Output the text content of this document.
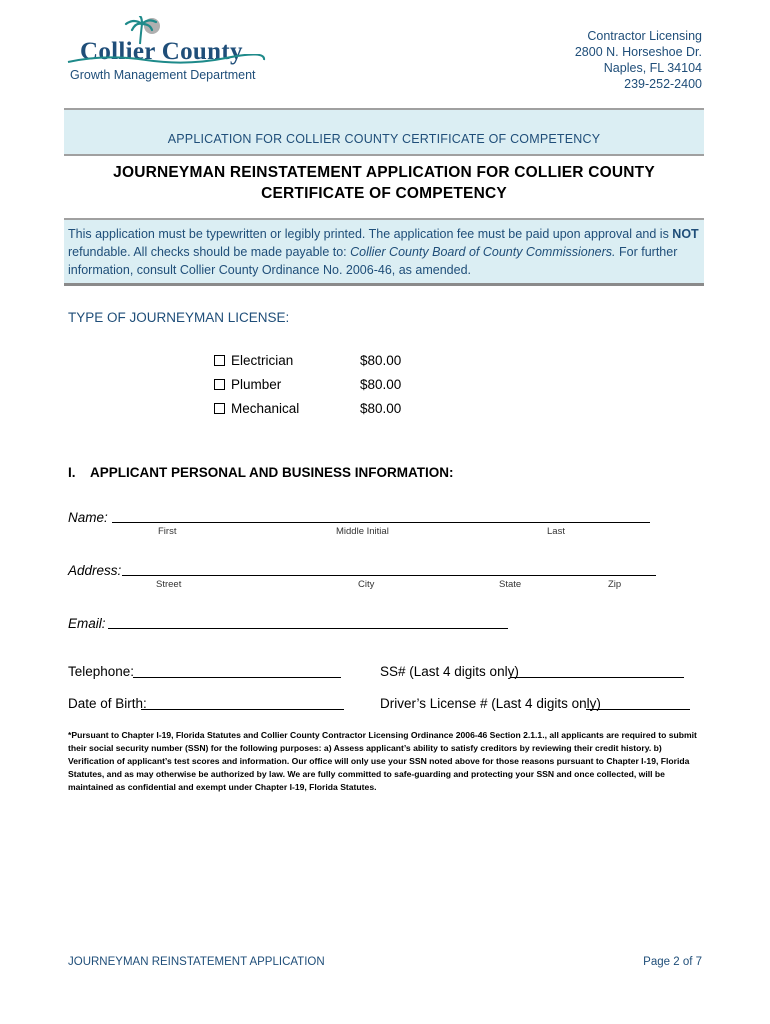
Collier County
Growth Management Department
Contractor Licensing
2800 N. Horseshoe Dr.
Naples, FL 34104
239-252-2400
APPLICATION FOR COLLIER COUNTY CERTIFICATE OF COMPETENCY
JOURNEYMAN REINSTATEMENT APPLICATION FOR COLLIER COUNTY
CERTIFICATE OF COMPETENCY
This application must be typewritten or legibly printed. The application fee must be paid upon approval and is NOT refundable. All checks should be made payable to: Collier County Board of County Commissioners. For further information, consult Collier County Ordinance No. 2006-46, as amended.
TYPE OF JOURNEYMAN LICENSE:
Electrician	$80.00
Plumber	$80.00
Mechanical	$80.00
I. APPLICANT PERSONAL AND BUSINESS INFORMATION:
Name:
First	Middle Initial	Last
Address:
Street	City	State	Zip
Email:
Telephone:	SS# (Last 4 digits only)
Date of Birth:	Driver’s License # (Last 4 digits only)
*Pursuant to Chapter I-19, Florida Statutes and Collier County Contractor Licensing Ordinance 2006-46 Section 2.1.1., all applicants are required to submit their social security number (SSN) for the following purposes: a) Assess applicant’s ability to satisfy creditors by reviewing their credit history. b) Verification of applicant’s test scores and information. Our office will only use your SSN noted above for those reasons pursuant to Chapter I-19, Florida Statutes, and as may otherwise be authorized by law. We are fully committed to safe-guarding and protecting your SSN and once collected, will be maintained as confidential and exempt under Chapter I-19, Florida Statutes.
JOURNEYMAN REINSTATEMENT APPLICATION	Page 2 of 7
